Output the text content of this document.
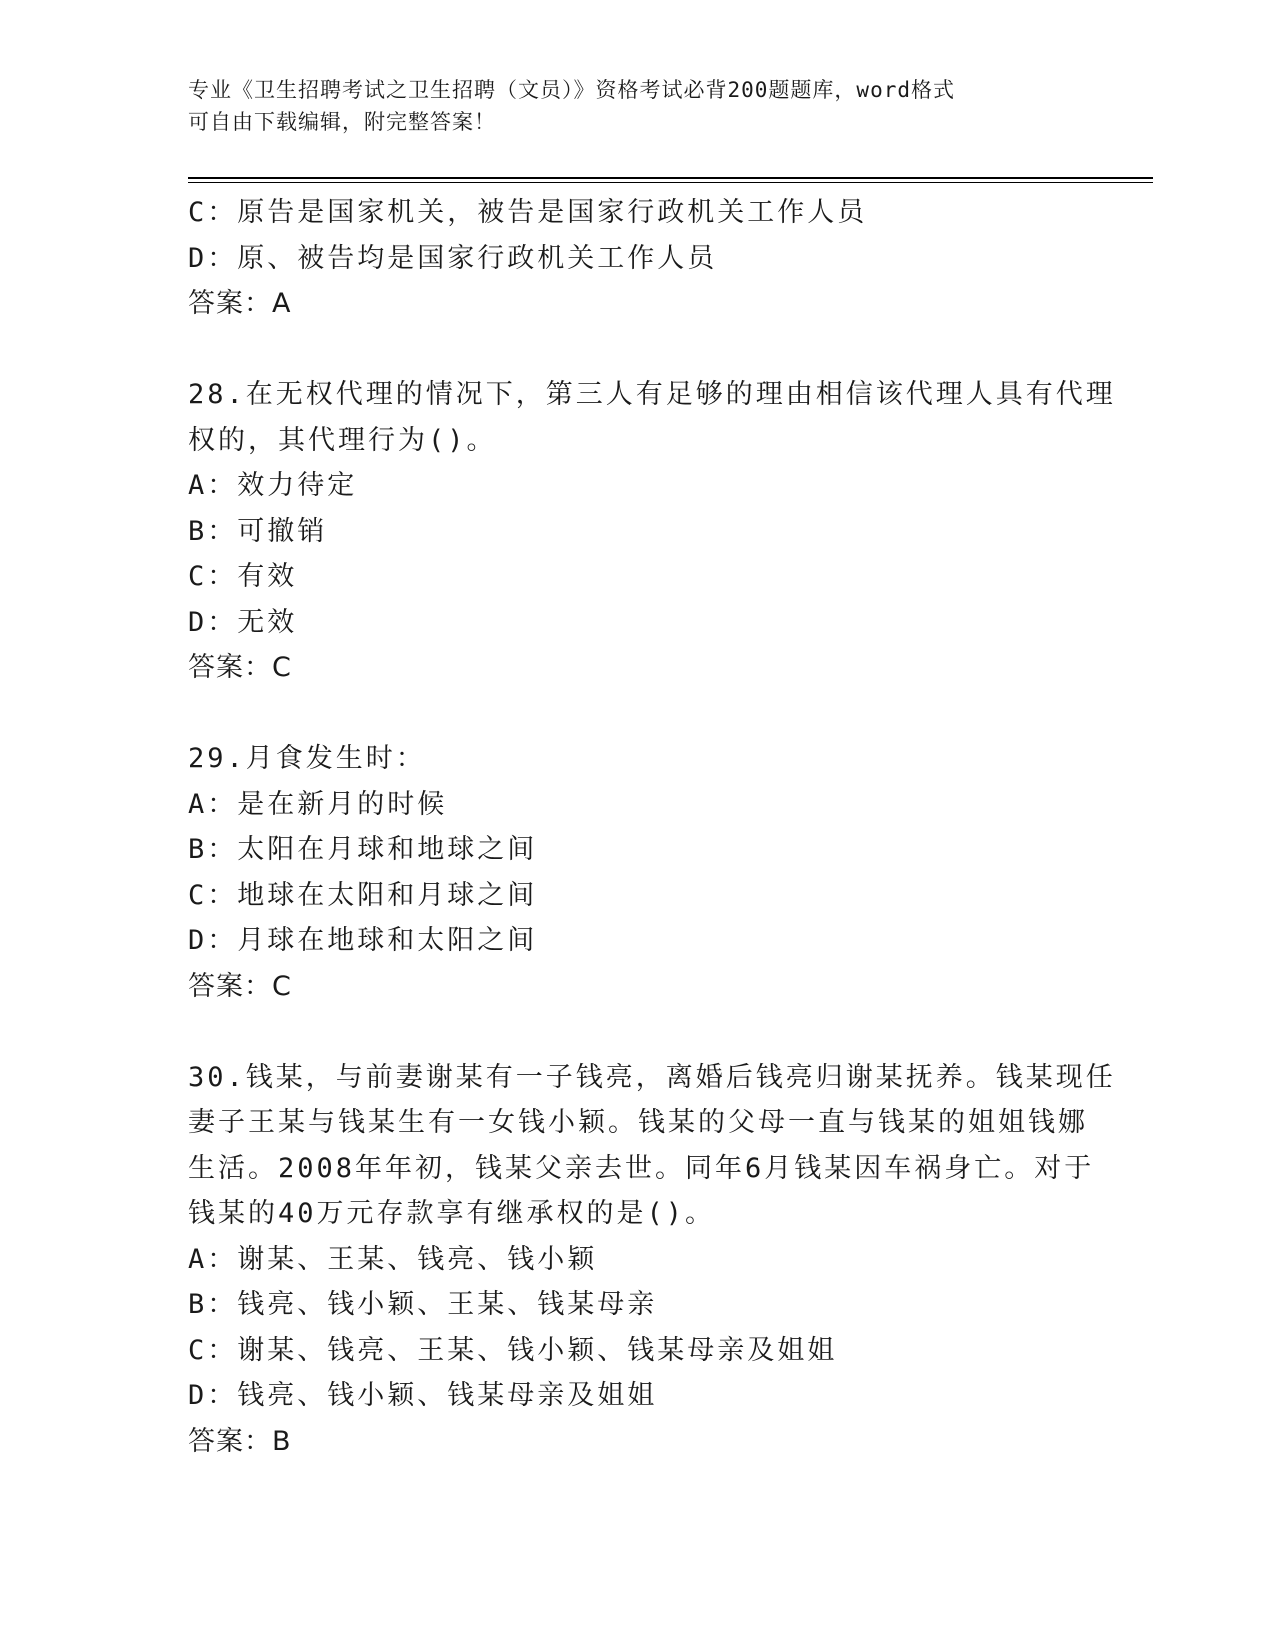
专业《卫生招聘考试之卫生招聘（文员）》资格考试必背200题题库，word格式
可自由下载编辑，附完整答案！
C：原告是国家机关，被告是国家行政机关工作人员
D：原、被告均是国家行政机关工作人员
答案：A
28.在无权代理的情况下，第三人有足够的理由相信该代理人具有代理
权的，其代理行为()。
A：效力待定
B：可撤销
C：有效
D：无效
答案：C
29.月食发生时：
A：是在新月的时候
B：太阳在月球和地球之间
C：地球在太阳和月球之间
D：月球在地球和太阳之间
答案：C
30.钱某，与前妻谢某有一子钱亮，离婚后钱亮归谢某抚养。钱某现任
妻子王某与钱某生有一女钱小颖。钱某的父母一直与钱某的姐姐钱娜
生活。2008年年初，钱某父亲去世。同年6月钱某因车祸身亡。对于
钱某的40万元存款享有继承权的是()。
A：谢某、王某、钱亮、钱小颖
B：钱亮、钱小颖、王某、钱某母亲
C：谢某、钱亮、王某、钱小颖、钱某母亲及姐姐
D：钱亮、钱小颖、钱某母亲及姐姐
答案：B
